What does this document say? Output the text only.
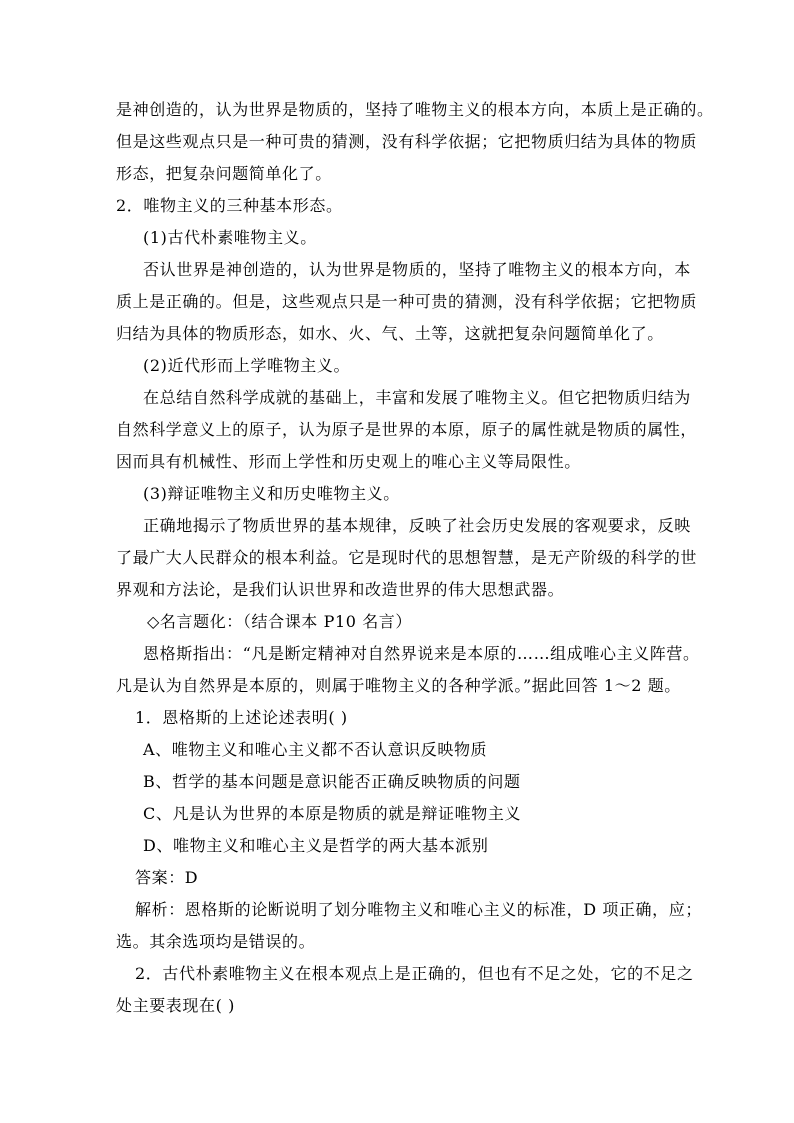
是神创造的，认为世界是物质的，坚持了唯物主义的根本方向，本质上是正确的。
但是这些观点只是一种可贵的猜测，没有科学依据；它把物质归结为具体的物质
形态，把复杂问题简单化了。
2．唯物主义的三种基本形态。
(1)古代朴素唯物主义。
否认世界是神创造的，认为世界是物质的，坚持了唯物主义的根本方向，本
质上是正确的。但是，这些观点只是一种可贵的猜测，没有科学依据；它把物质
归结为具体的物质形态，如水、火、气、土等，这就把复杂问题简单化了。
(2)近代形而上学唯物主义。
在总结自然科学成就的基础上，丰富和发展了唯物主义。但它把物质归结为
自然科学意义上的原子，认为原子是世界的本原，原子的属性就是物质的属性，
因而具有机械性、形而上学性和历史观上的唯心主义等局限性。
(3)辩证唯物主义和历史唯物主义。
正确地揭示了物质世界的基本规律，反映了社会历史发展的客观要求，反映
了最广大人民群众的根本利益。它是现时代的思想智慧，是无产阶级的科学的世
界观和方法论，是我们认识世界和改造世界的伟大思想武器。
◇名言题化：（结合课本 P10 名言）
恩格斯指出：“凡是断定精神对自然界说来是本原的……组成唯心主义阵营。
凡是认为自然界是本原的，则属于唯物主义的各种学派。”据此回答 1～2 题。
1．恩格斯的上述论述表明( )
A、唯物主义和唯心主义都不否认意识反映物质
B、哲学的基本问题是意识能否正确反映物质的问题
C、凡是认为世界的本原是物质的就是辩证唯物主义
D、唯物主义和唯心主义是哲学的两大基本派别
答案：D
解析：恩格斯的论断说明了划分唯物主义和唯心主义的标准，D 项正确，应；
选。其余选项均是错误的。
2．古代朴素唯物主义在根本观点上是正确的，但也有不足之处，它的不足之
处主要表现在( )
